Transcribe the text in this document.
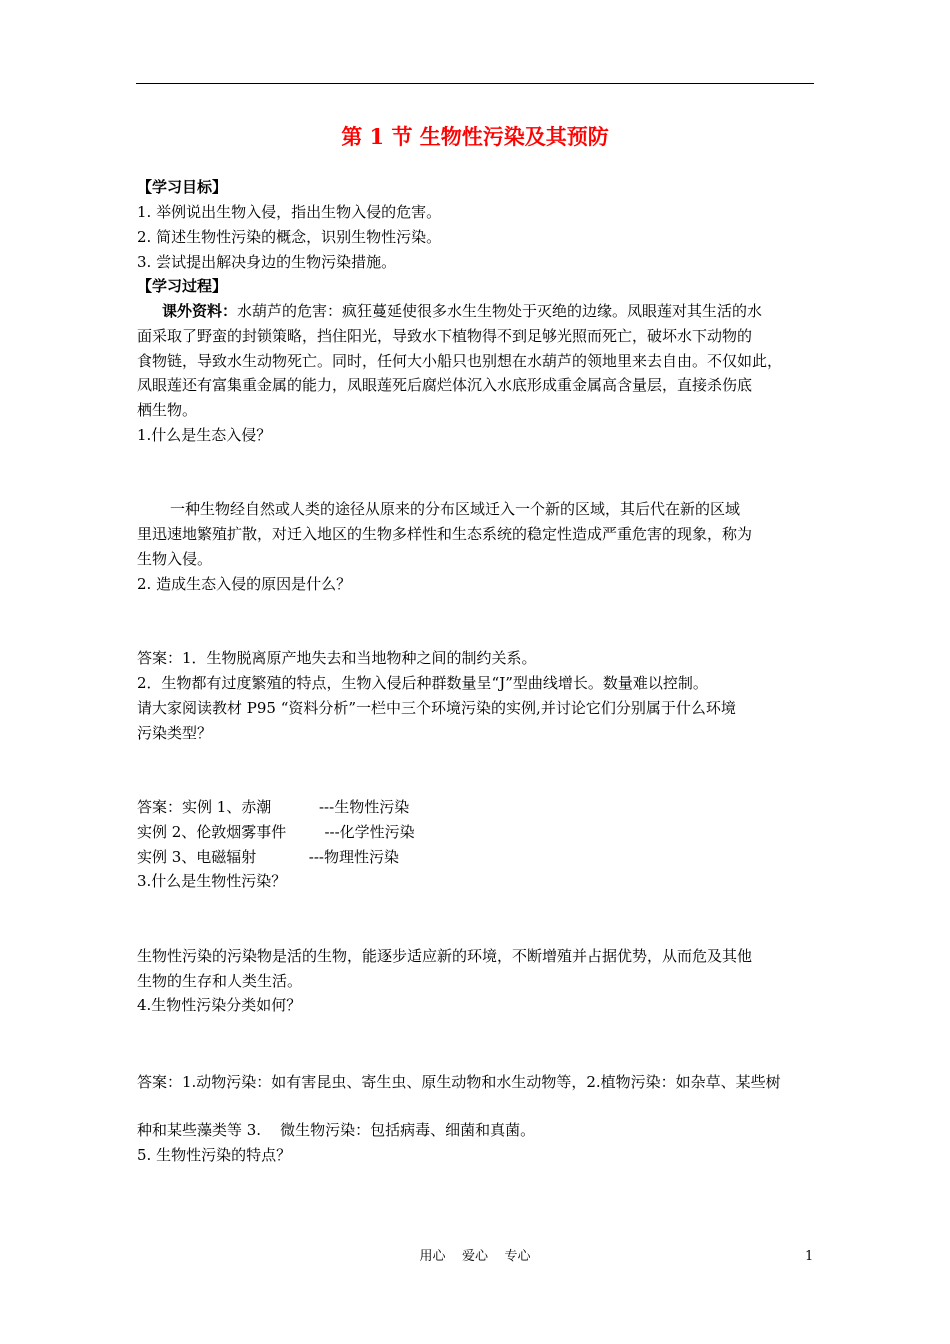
第 1 节 生物性污染及其预防
【学习目标】
1. 举例说出生物入侵，指出生物入侵的危害。
2. 简述生物性污染的概念，识别生物性污染。
3. 尝试提出解决身边的生物污染措施。
【学习过程】
课外资料：水葫芦的危害：疯狂蔓延使很多水生生物处于灭绝的边缘。凤眼莲对其生活的水
面采取了野蛮的封锁策略，挡住阳光，导致水下植物得不到足够光照而死亡，破坏水下动物的
食物链，导致水生动物死亡。同时，任何大小船只也别想在水葫芦的领地里来去自由。不仅如此，
凤眼莲还有富集重金属的能力，凤眼莲死后腐烂体沉入水底形成重金属高含量层，直接杀伤底
栖生物。
1.什么是生态入侵？
一种生物经自然或人类的途径从原来的分布区域迁入一个新的区域，其后代在新的区域
里迅速地繁殖扩散，对迁入地区的生物多样性和生态系统的稳定性造成严重危害的现象，称为
生物入侵。
2. 造成生态入侵的原因是什么？
答案：1．生物脱离原产地失去和当地物种之间的制约关系。
2．生物都有过度繁殖的特点，生物入侵后种群数量呈“J”型曲线增长。数量难以控制。
请大家阅读教材 P95 “资料分析”一栏中三个环境污染的实例,并讨论它们分别属于什么环境
污染类型？
答案：实例 1、赤潮          ---生物性污染
实例 2、伦敦烟雾事件        ---化学性污染
实例 3、电磁辐射           ---物理性污染
3.什么是生物性污染？
生物性污染的污染物是活的生物，能逐步适应新的环境，不断增殖并占据优势，从而危及其他
生物的生存和人类生活。
4.生物性污染分类如何？
答案：1.动物污染：如有害昆虫、寄生虫、原生动物和水生动物等，2.植物污染：如杂草、某些树
种和某些藻类等 3.    微生物污染：包括病毒、细菌和真菌。
5. 生物性污染的特点？
用心    爱心    专心	1
